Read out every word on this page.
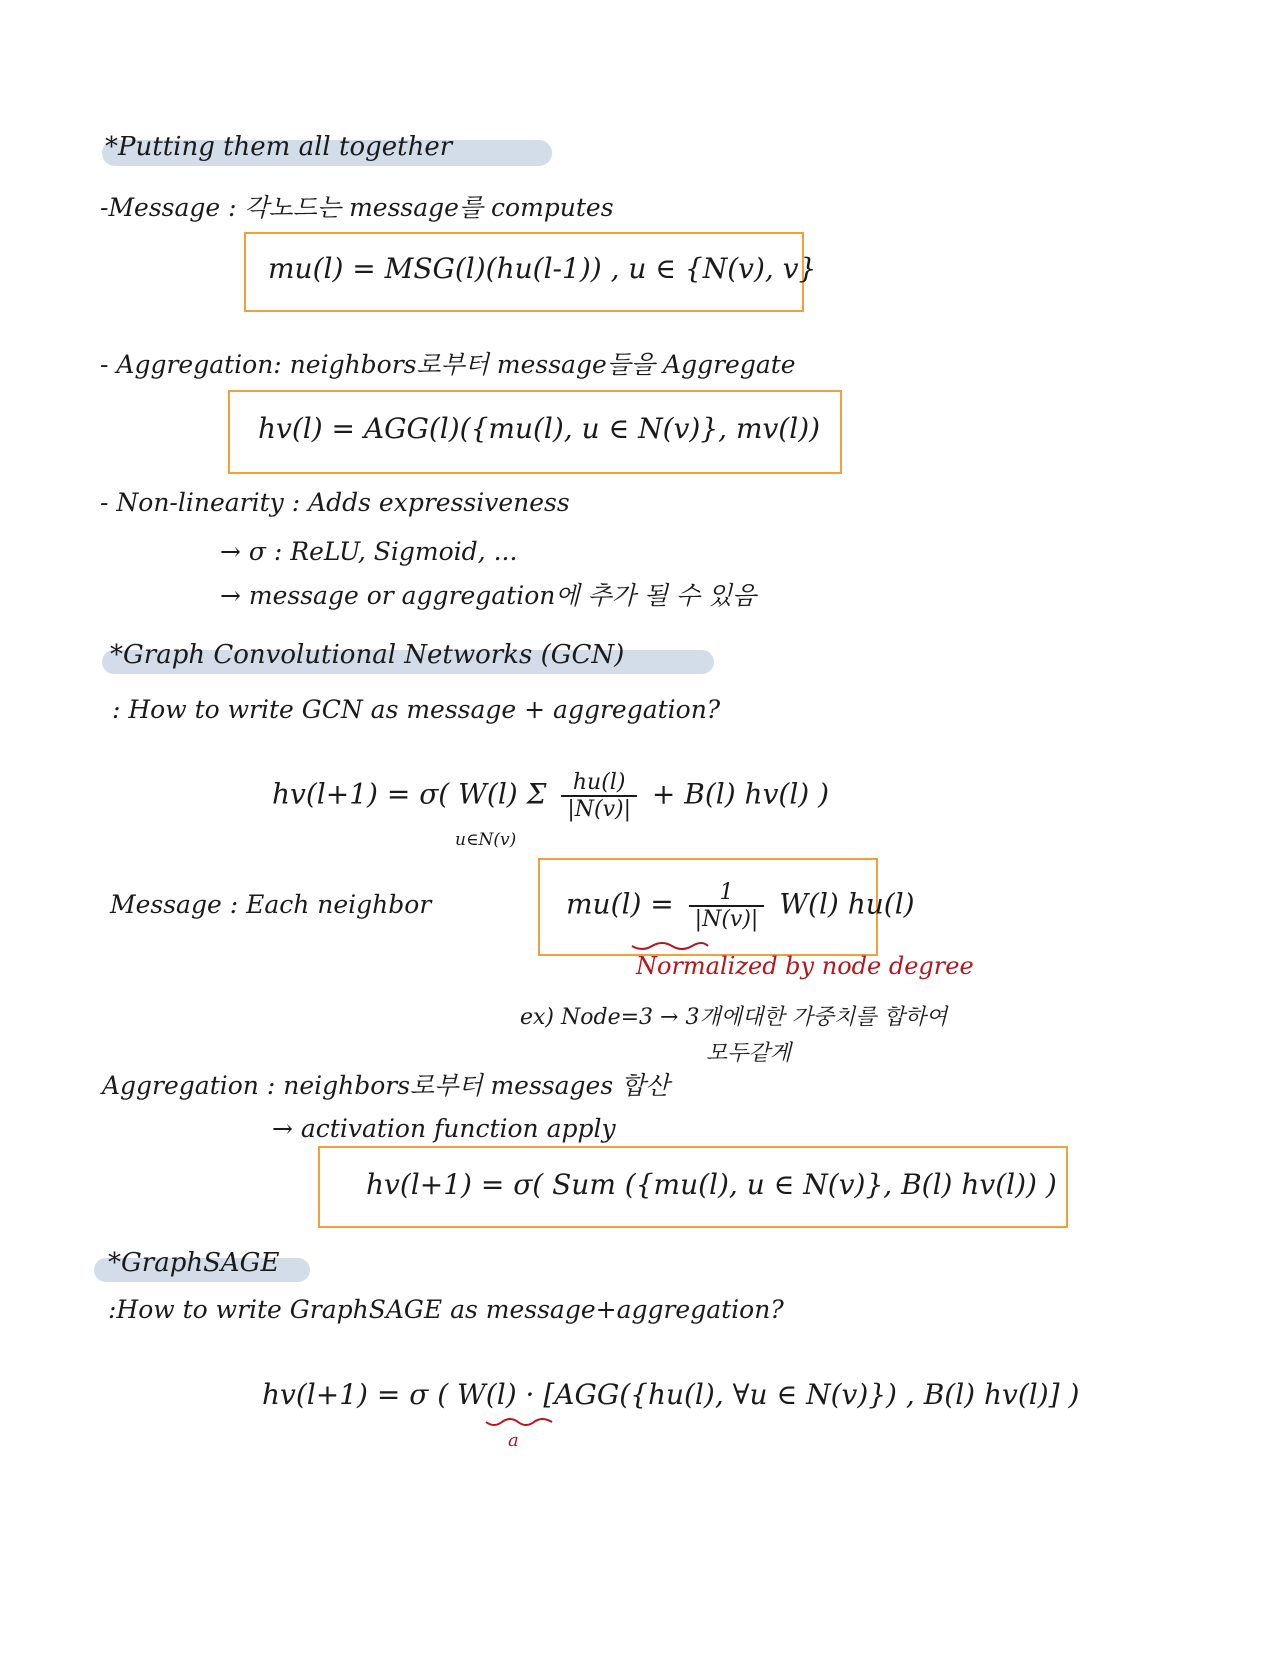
*Putting them all together
-Message : 각노드는 message를 computes
mu(l) = MSG(l)(hu(l-1)) , u ∈ {N(v), v}
- Aggregation: neighbors로부터 message들을 Aggregate
hv(l) = AGG(l)({mu(l), u ∈ N(v)}, mv(l))
- Non-linearity : Adds expressiveness
→ σ : ReLU, Sigmoid, ...
→ message or aggregation에 추가 될 수 있음
*Graph Convolutional Networks (GCN)
: How to write GCN as message + aggregation?
hv(l+1) = σ( W(l) Σ $\frac{hu(l)}{|N(v)|} + B(l)$ hv(l) )
u∈N(v)
Message : Each neighbor	$mu(l) = \frac{1}{|N(v)|} W(l)$ hu(l)
Normalized by node degree
ex) Node=3 → 3개에대한 가중치를 합하여
모두같게
Aggregation : neighbors로부터 messages 합산
→ activation function apply
hv(l+1) = σ( Sum ({mu(l), u ∈ N(v)}, B(l) hv(l)) )
*GraphSAGE
:How to write GraphSAGE as message+aggregation?
hv(l+1) = σ ( W(l) · [AGG({hu(l), ∀u ∈ N(v)}) , B(l) hv(l)] )
a
